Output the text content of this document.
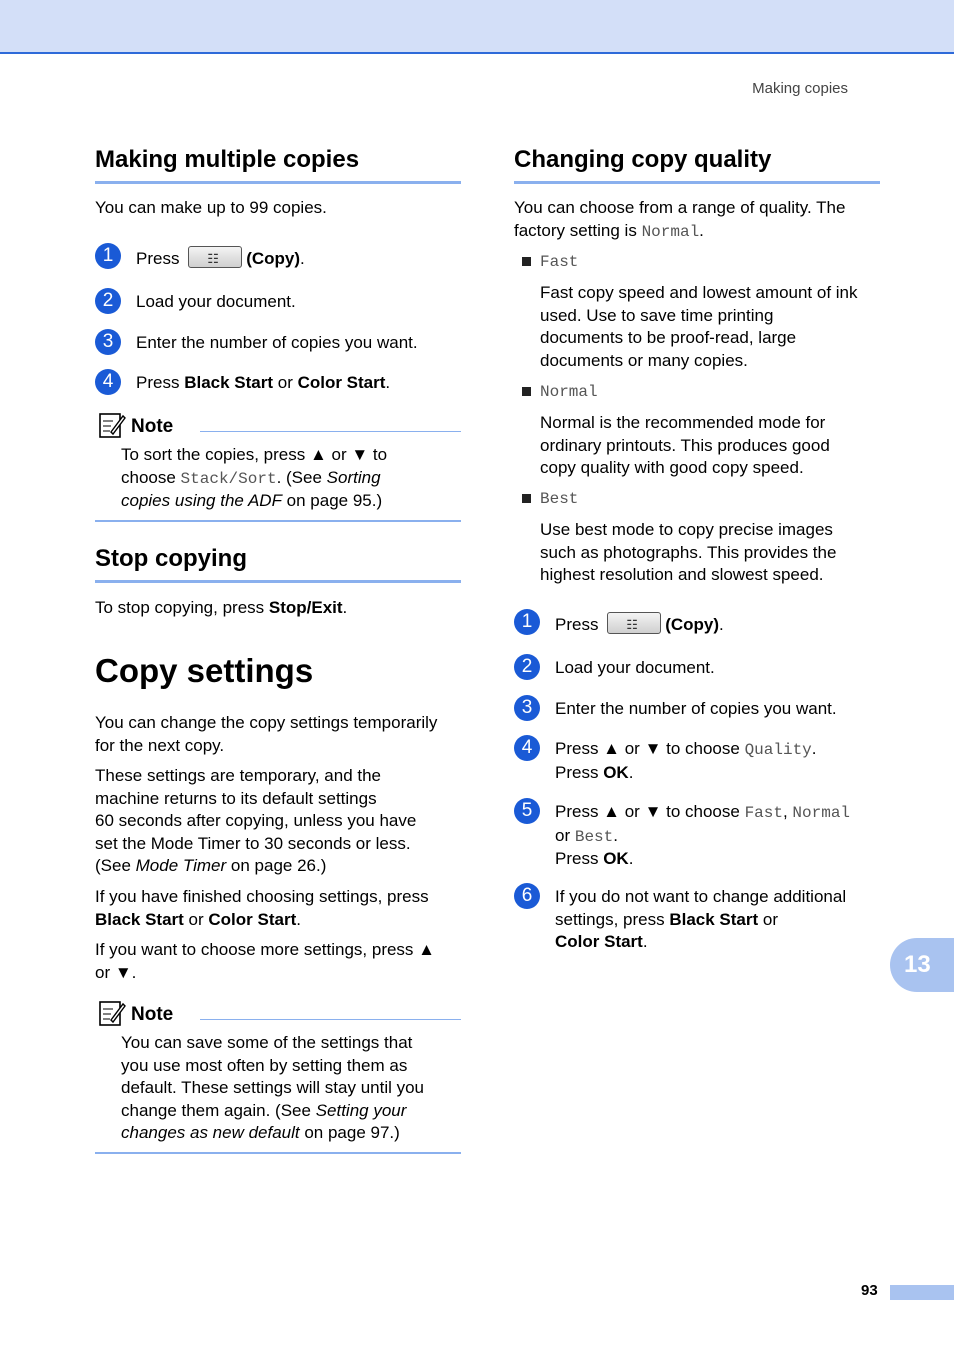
Making copies
Making multiple copies
You can make up to 99 copies.
1	Press ☷ (Copy).
2	Load your document.
3	Enter the number of copies you want.
4	Press Black Start or Color Start.
Note
To sort the copies, press ▲ or ▼ to
choose Stack/Sort. (See Sorting
copies using the ADF on page 95.)
Stop copying
To stop copying, press Stop/Exit.
Copy settings
You can change the copy settings temporarily
for the next copy.
These settings are temporary, and the
machine returns to its default settings
60 seconds after copying, unless you have
set the Mode Timer to 30 seconds or less.
(See Mode Timer on page 26.)
If you have finished choosing settings, press
Black Start or Color Start.
If you want to choose more settings, press ▲
or ▼.
Note
You can save some of the settings that
you use most often by setting them as
default. These settings will stay until you
change them again. (See Setting your
changes as new default on page 97.)
Changing copy quality
You can choose from a range of quality. The
factory setting is Normal.
Fast
Fast copy speed and lowest amount of ink
used. Use to save time printing
documents to be proof-read, large
documents or many copies.
Normal
Normal is the recommended mode for
ordinary printouts. This produces good
copy quality with good copy speed.
Best
Use best mode to copy precise images
such as photographs. This provides the
highest resolution and slowest speed.
1	Press ☷ (Copy).
2	Load your document.
3	Enter the number of copies you want.
4	Press ▲ or ▼ to choose Quality.
Press OK.
5	Press ▲ or ▼ to choose Fast, Normal
or Best.
Press OK.
6	If you do not want to change additional
settings, press Black Start or
Color Start.
13
93
